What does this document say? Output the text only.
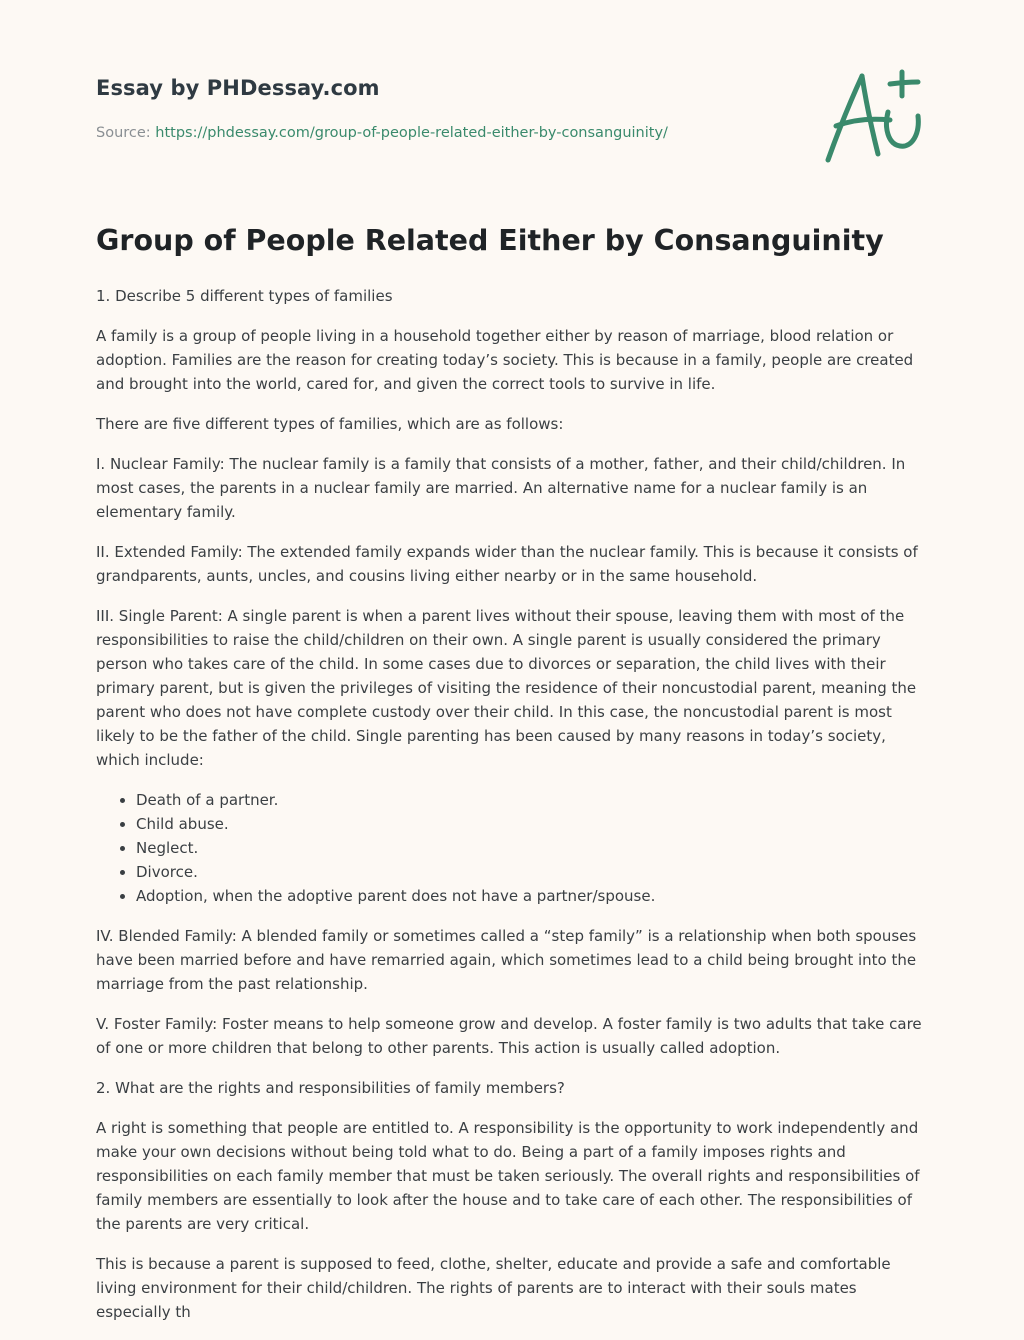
Essay by PHDessay.com
Source: https://phdessay.com/group-of-people-related-either-by-consanguinity/
Group of People Related Either by Consanguinity

1. Describe 5 different types of families

A family is a group of people living in a household together either by reason of marriage, blood relation or adoption. Families are the reason for creating today’s society. This is because in a family, people are created and brought into the world, cared for, and given the correct tools to survive in life.

There are five different types of families, which are as follows:

I. Nuclear Family: The nuclear family is a family that consists of a mother, father, and their child/children. In most cases, the parents in a nuclear family are married. An alternative name for a nuclear family is an elementary family.

II. Extended Family: The extended family expands wider than the nuclear family. This is because it consists of grandparents, aunts, uncles, and cousins living either nearby or in the same household.

III. Single Parent: A single parent is when a parent lives without their spouse, leaving them with most of the responsibilities to raise the child/children on their own. A single parent is usually considered the primary person who takes care of the child. In some cases due to divorces or separation, the child lives with their primary parent, but is given the privileges of visiting the residence of their noncustodial parent, meaning the parent who does not have complete custody over their child. In this case, the noncustodial parent is most likely to be the father of the child. Single parenting has been caused by many reasons in today’s society, which include:

• Death of a partner.
• Child abuse.
• Neglect.
• Divorce.
• Adoption, when the adoptive parent does not have a partner/spouse.

IV. Blended Family: A blended family or sometimes called a “step family” is a relationship when both spouses have been married before and have remarried again, which sometimes lead to a child being brought into the marriage from the past relationship.

V. Foster Family: Foster means to help someone grow and develop. A foster family is two adults that take care of one or more children that belong to other parents. This action is usually called adoption.

2. What are the rights and responsibilities of family members?

A right is something that people are entitled to. A responsibility is the opportunity to work independently and make your own decisions without being told what to do. Being a part of a family imposes rights and responsibilities on each family member that must be taken seriously. The overall rights and responsibilities of family members are essentially to look after the house and to take care of each other. The responsibilities of the parents are very critical.

This is because a parent is supposed to feed, clothe, shelter, educate and provide a safe and comfortable living environment for their child/children. The rights of parents are to interact with their souls mates especially th
